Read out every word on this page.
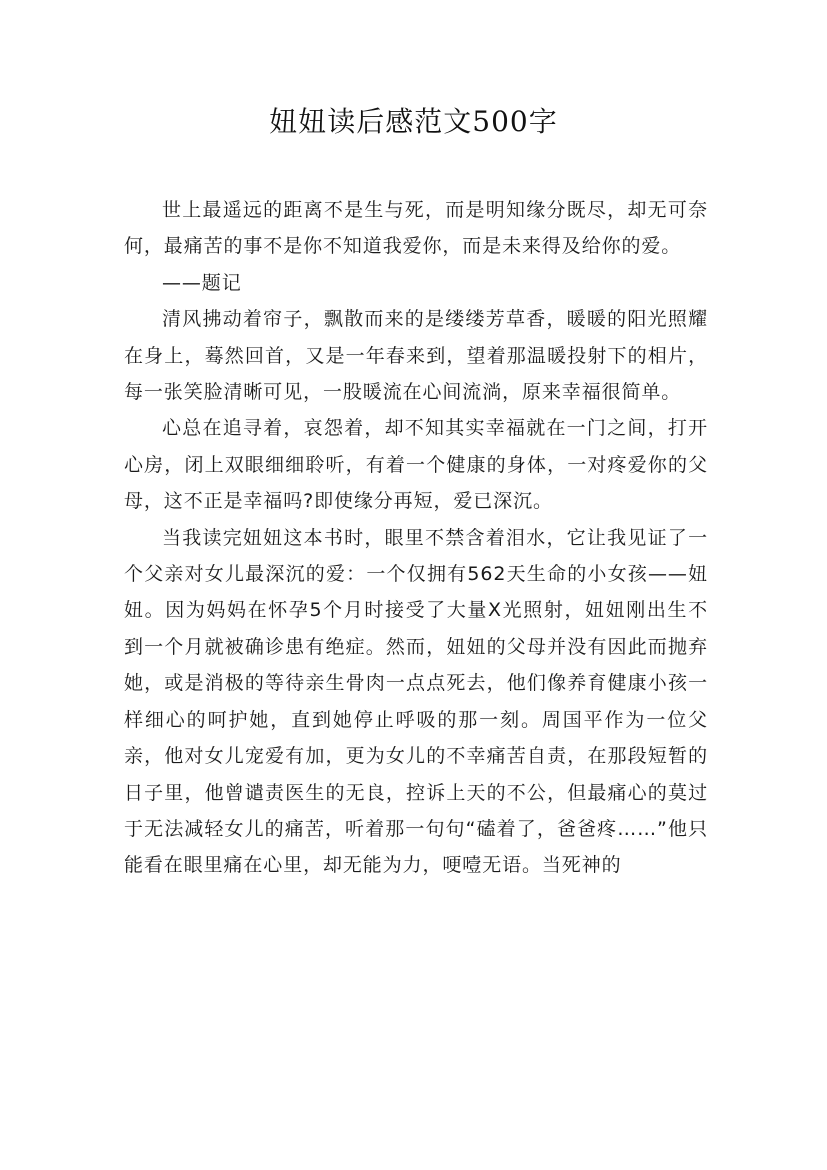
妞妞读后感范文500字

世上最遥远的距离不是生与死，而是明知缘分既尽，却无可奈何，最痛苦的事不是你不知道我爱你，而是未来得及给你的爱。

——题记

清风拂动着帘子，飘散而来的是缕缕芳草香，暖暖的阳光照耀在身上，蓦然回首，又是一年春来到，望着那温暖投射下的相片，每一张笑脸清晰可见，一股暖流在心间流淌，原来幸福很简单。

心总在追寻着，哀怨着，却不知其实幸福就在一门之间，打开心房，闭上双眼细细聆听，有着一个健康的身体，一对疼爱你的父母，这不正是幸福吗?即使缘分再短，爱已深沉。

当我读完妞妞这本书时，眼里不禁含着泪水，它让我见证了一个父亲对女儿最深沉的爱：一个仅拥有562天生命的小女孩——妞妞。因为妈妈在怀孕5个月时接受了大量X光照射，妞妞刚出生不到一个月就被确诊患有绝症。然而，妞妞的父母并没有因此而抛弃她，或是消极的等待亲生骨肉一点点死去，他们像养育健康小孩一样细心的呵护她，直到她停止呼吸的那一刻。周国平作为一位父亲，他对女儿宠爱有加，更为女儿的不幸痛苦自责，在那段短暂的日子里，他曾谴责医生的无良，控诉上天的不公，但最痛心的莫过于无法减轻女儿的痛苦，听着那一句句“磕着了，爸爸疼……”他只能看在眼里痛在心里，却无能为力，哽噎无语。当死神的
